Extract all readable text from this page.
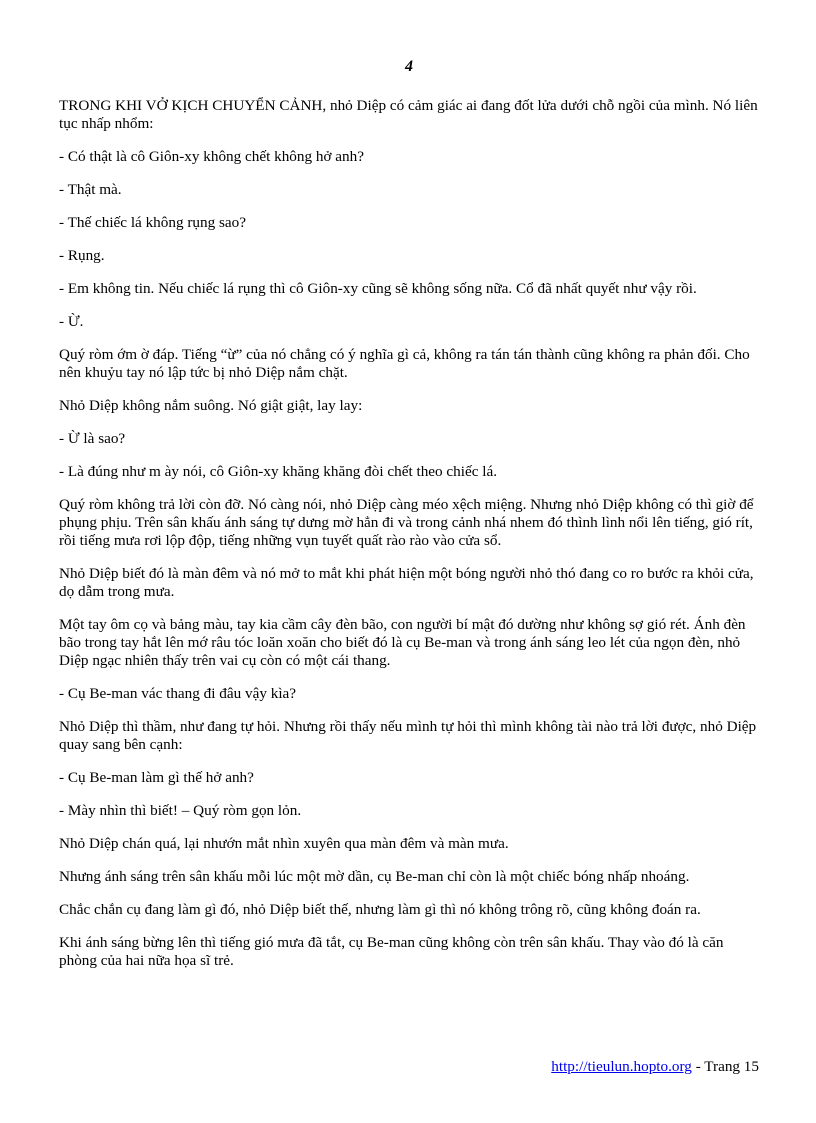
4

TRONG KHI VỞ KỊCH CHUYỂN CẢNH, nhỏ Diệp có cảm giác ai đang đốt lửa dưới chỗ ngồi của mình. Nó liên tục nhấp nhổm:

- Có thật là cô Giôn-xy không chết không hở anh?

- Thật mà.

- Thế chiếc lá không rụng sao?

- Rụng.

- Em không tin. Nếu chiếc lá rụng thì cô Giôn-xy cũng sẽ không sống nữa. Cổ đã nhất quyết như vậy rồi.

- Ừ.

Quý ròm ớm ờ đáp. Tiếng “ừ” của nó chẳng có ý nghĩa gì cả, không ra tán tán thành cũng không ra phản đối. Cho nên khuỷu tay nó lập tức bị nhỏ Diệp nắm chặt.

Nhỏ Diệp không nắm suông. Nó giật giật, lay lay:

- Ừ là sao?

- Là đúng như m ày nói, cô Giôn-xy khăng khăng đòi chết theo chiếc lá.

Quý ròm không trả lời còn đỡ. Nó càng nói, nhỏ Diệp càng méo xệch miệng. Nhưng nhỏ Diệp không có thì giờ để phụng phịu. Trên sân khấu ánh sáng tự dưng mờ hẳn đi và trong cảnh nhá nhem đó thình lình nổi lên tiếng, gió rít, rồi tiếng mưa rơi lộp độp, tiếng những vụn tuyết quất rào rào vào cửa sổ.

Nhỏ Diệp biết đó là màn đêm và nó mở to mắt khi phát hiện một bóng người nhỏ thó đang co ro bước ra khỏi cửa, dọ dẫm trong mưa.

Một tay ôm cọ và bảng màu, tay kia cầm cây đèn bão, con người bí mật đó dường như không sợ gió rét. Ánh đèn bão trong tay hắt lên mớ râu tóc loăn xoăn cho biết đó là cụ Be-man và trong ánh sáng leo lét của ngọn đèn, nhỏ Diệp ngạc nhiên thấy trên vai cụ còn có một cái thang.

- Cụ Be-man vác thang đi đâu vậy kìa?

Nhỏ Diệp thì thầm, như đang tự hỏi. Nhưng rồi thấy nếu mình tự hỏi thì mình không tài nào trả lời được, nhỏ Diệp quay sang bên cạnh:

- Cụ Be-man làm gì thế hở anh?

- Mày nhìn thì biết! – Quý ròm gọn lỏn.

Nhỏ Diệp chán quá, lại nhướn mắt nhìn xuyên qua màn đêm và màn mưa.

Nhưng ánh sáng trên sân khấu mỗi lúc một mờ dần, cụ Be-man chỉ còn là một chiếc bóng nhấp nhoáng.

Chắc chắn cụ đang làm gì đó, nhỏ Diệp biết thế, nhưng làm gì thì nó không trông rõ, cũng không đoán ra.

Khi ánh sáng bừng lên thì tiếng gió mưa đã tắt, cụ Be-man cũng không còn trên sân khấu. Thay vào đó là căn phòng của hai nữa họa sĩ trẻ.

http://tieulun.hopto.org - Trang 15
